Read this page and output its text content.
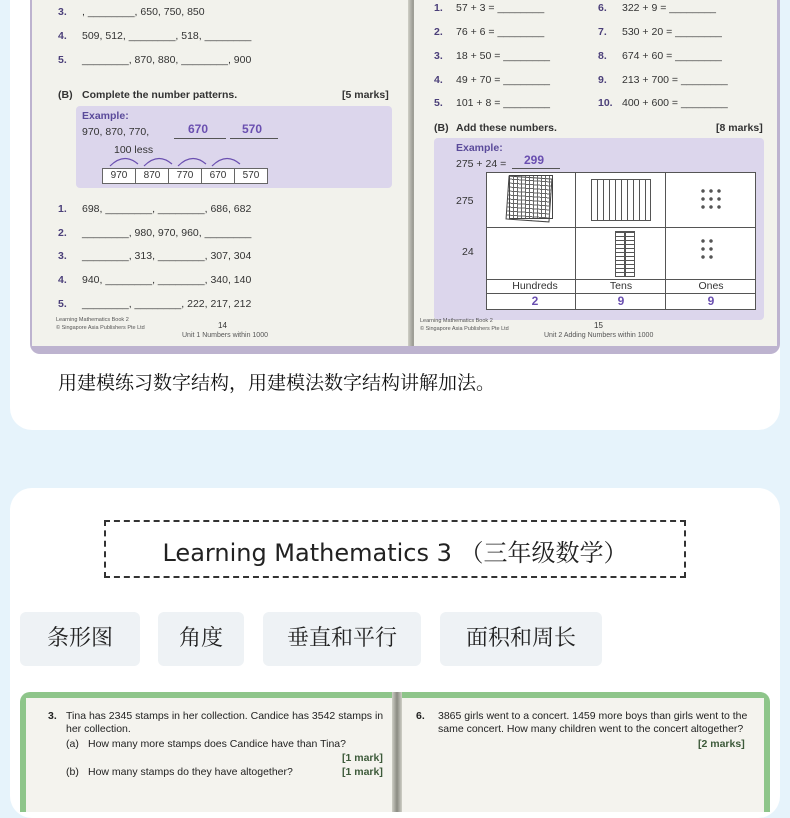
3. , ________, 650, 750, 850
4. 509, 512, ________, 518, ________
5. ________, 870, 880, ________, 900
(B) Complete the number patterns.	[5 marks]
Example:
970, 870, 770,	670	570
100 less
970	870	770	670	570
1. 698, ________, ________, 686, 682
2. ________, 980, 970, 960, ________
3. ________, 313, ________, 307, 304
4. 940, ________, ________, 340, 140
5. ________, ________, 222, 217, 212
Learning Mathematics Book 2
© Singapore Asia Publishers Pte Ltd	14
Unit 1 Numbers within 1000
1. 57 + 3 = ________	6. 322 + 9 = ________
2. 76 + 6 = ________	7. 530 + 20 = ________
3. 18 + 50 = ________	8. 674 + 60 = ________
4. 49 + 70 = ________	9. 213 + 700 = ________
5. 101 + 8 = ________	10. 400 + 600 = ________
(B) Add these numbers.	[8 marks]
Example:
275 + 24 = 299
275
24
Hundreds	Tens	Ones
2	9	9
Learning Mathematics Book 2
© Singapore Asia Publishers Pte Ltd	15
Unit 2 Adding Numbers within 1000
用建模练习数字结构，用建模法数字结构讲解加法。
Learning Mathematics 3 （三年级数学）
条形图	角度	垂直和平行	面积和周长
3. Tina has 2345 stamps in her collection. Candice has 3542 stamps in her collection.
(a) How many more stamps does Candice have than Tina?
[1 mark]
(b) How many stamps do they have altogether?	[1 mark]
6. 3865 girls went to a concert. 1459 more boys than girls went to the same concert. How many children went to the concert altogether?
[2 marks]
